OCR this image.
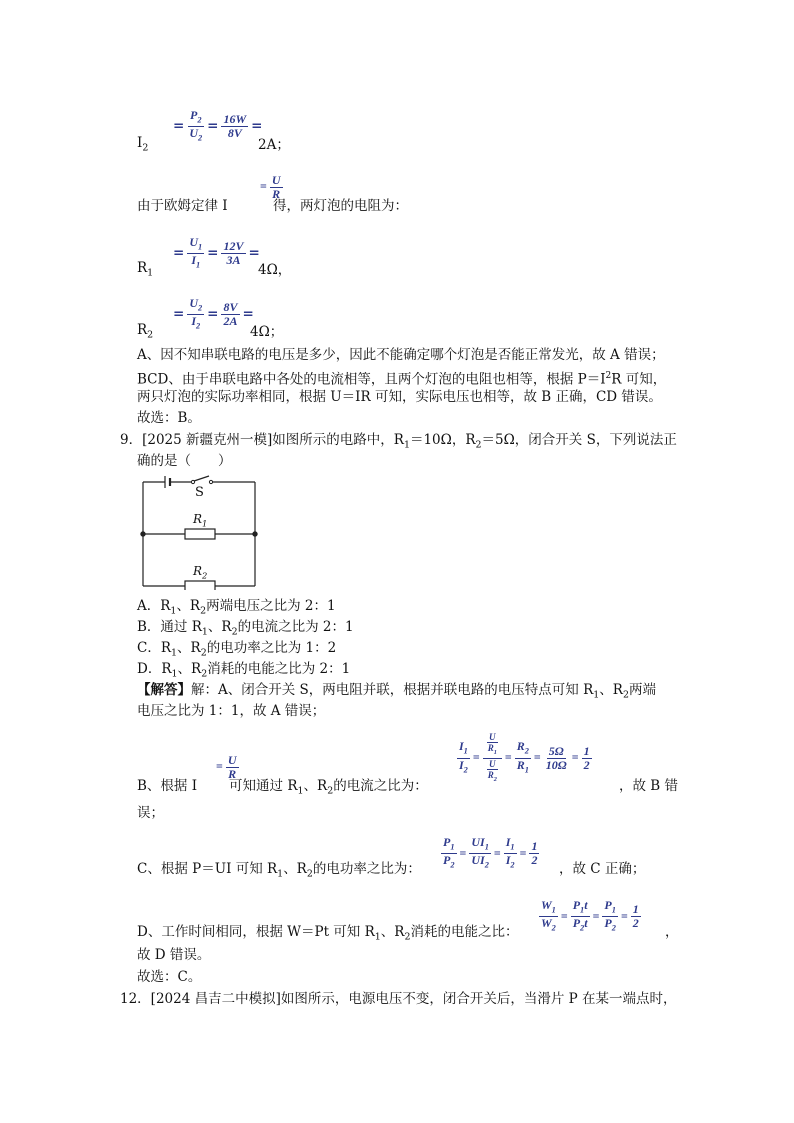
= $\frac{P_2}{U_2} = \frac{16W}{8V}$ =
$I_2$	2A；
由于欧姆定律 I
= $\frac{U}{R}$
得，两灯泡的电阻为：
= $\frac{U_1}{I_1} = \frac{12V}{3A}$ =
$R_1$	4Ω，
= $\frac{U_2}{I_2} = \frac{8V}{2A}$ =
$R_2$	4Ω；
A、因不知串联电路的电压是多少，因此不能确定哪个灯泡是否能正常发光，故 A 错误；
BCD、由于串联电路中各处的电流相等，且两个灯泡的电阻也相等，根据 $P=I^2R$ 可知，
两只灯泡的实际功率相同，根据 U＝IR 可知，实际电压也相等，故 B 正确，CD 错误。
故选：B。
9．[2025 新疆克州一模]如图所示的电路中，$R_1=10\Omega$，$R_2=5\Omega$，闭合开关 S，下列说法正
确的是（　　）
S
$R_1$
$R_2$
A．$R_1$、$R_2$两端电压之比为 2：1
B．通过 $R_1$、$R_2$的电流之比为 2：1
C．$R_1$、$R_2$的电功率之比为 1：2
D．$R_1$、$R_2$消耗的电能之比为 2：1
【解答】解：A、闭合开关 S，两电阻并联，根据并联电路的电压特点可知 $R_1$、$R_2$两端
电压之比为 1：1，故 A 错误；
= $\frac{U}{R}$
B、根据 I 可知通过 $R_1$、$R_2$的电流之比为：
$\frac{I_1}{I_2} = \frac{\frac{U}{R_1}}{\frac{U}{R_2}} = \frac{R_2}{R_1} = \frac{5\Omega}{10\Omega} = \frac{1}{2}$
，故 B 错
误；
C、根据 P＝UI 可知 $R_1$、$R_2$的电功率之比为： $\frac{P_1}{P_2} = \frac{UI_1}{UI_2} = \frac{I_1}{I_2} = \frac{1}{2}$
，故 C 正确；
D、工作时间相同，根据 W＝Pt 可知 $R_1$、$R_2$消耗的电能之比： $\frac{W_1}{W_2} = \frac{P_1t}{P_2t} = \frac{P_1}{P_2} = \frac{1}{2}$
，
故 D 错误。
故选：C。
12．[2024 昌吉二中模拟]如图所示，电源电压不变，闭合开关后，当滑片 P 在某一端点时，
